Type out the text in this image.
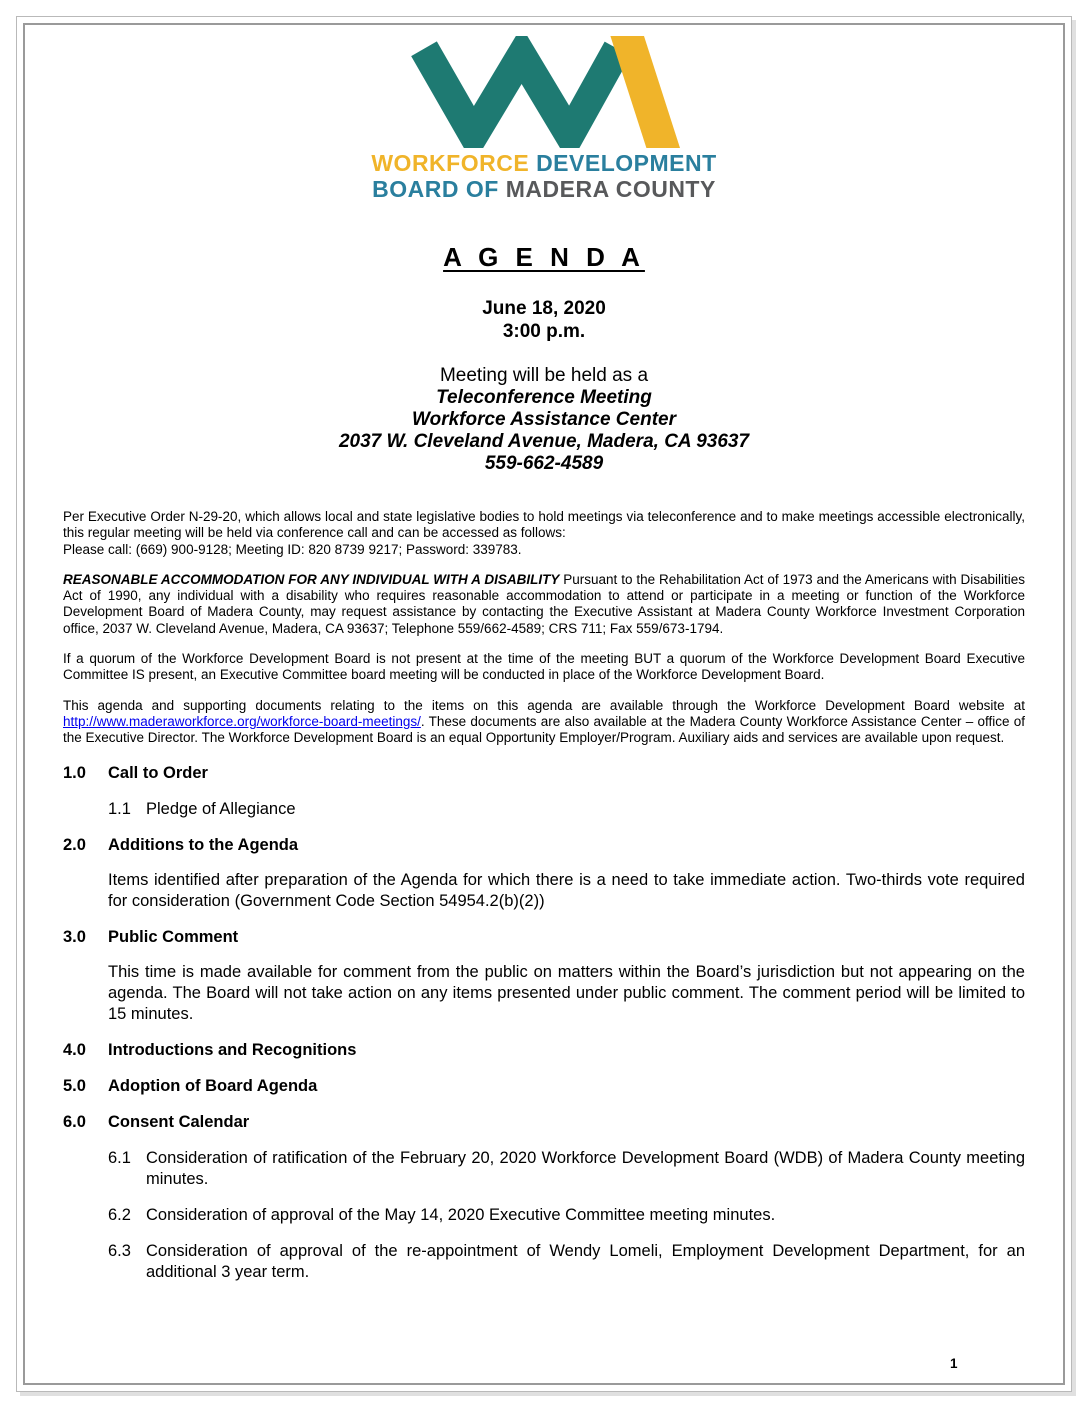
WORKFORCE DEVELOPMENT
BOARD OF MADERA COUNTY
A G E N D A
June 18, 2020
3:00 p.m.
Meeting will be held as a
Teleconference Meeting
Workforce Assistance Center
2037 W. Cleveland Avenue, Madera, CA 93637
559-662-4589

Per Executive Order N-29-20, which allows local and state legislative bodies to hold meetings via teleconference and to make meetings accessible electronically, this regular meeting will be held via conference call and can be accessed as follows:
Please call: (669) 900-9128; Meeting ID: 820 8739 9217; Password: 339783.

REASONABLE ACCOMMODATION FOR ANY INDIVIDUAL WITH A DISABILITY Pursuant to the Rehabilitation Act of 1973 and the Americans with Disabilities Act of 1990, any individual with a disability who requires reasonable accommodation to attend or participate in a meeting or function of the Workforce Development Board of Madera County, may request assistance by contacting the Executive Assistant at Madera County Workforce Investment Corporation office, 2037 W. Cleveland Avenue, Madera, CA 93637; Telephone 559/662-4589; CRS 711; Fax 559/673-1794.

If a quorum of the Workforce Development Board is not present at the time of the meeting BUT a quorum of the Workforce Development Board Executive Committee IS present, an Executive Committee board meeting will be conducted in place of the Workforce Development Board.

This agenda and supporting documents relating to the items on this agenda are available through the Workforce Development Board website at http://www.maderaworkforce.org/workforce-board-meetings/. These documents are also available at the Madera County Workforce Assistance Center – office of the Executive Director. The Workforce Development Board is an equal Opportunity Employer/Program. Auxiliary aids and services are available upon request.

1.0	Call to Order
1.1 Pledge of Allegiance
2.0	Additions to the Agenda
Items identified after preparation of the Agenda for which there is a need to take immediate action. Two-thirds vote required for consideration (Government Code Section 54954.2(b)(2))
3.0	Public Comment
This time is made available for comment from the public on matters within the Board’s jurisdiction but not appearing on the agenda. The Board will not take action on any items presented under public comment. The comment period will be limited to 15 minutes.
4.0	Introductions and Recognitions
5.0	Adoption of Board Agenda
6.0	Consent Calendar
6.1 Consideration of ratification of the February 20, 2020 Workforce Development Board (WDB) of Madera County meeting minutes.
6.2 Consideration of approval of the May 14, 2020 Executive Committee meeting minutes.
6.3 Consideration of approval of the re-appointment of Wendy Lomeli, Employment Development Department, for an additional 3 year term.
1
